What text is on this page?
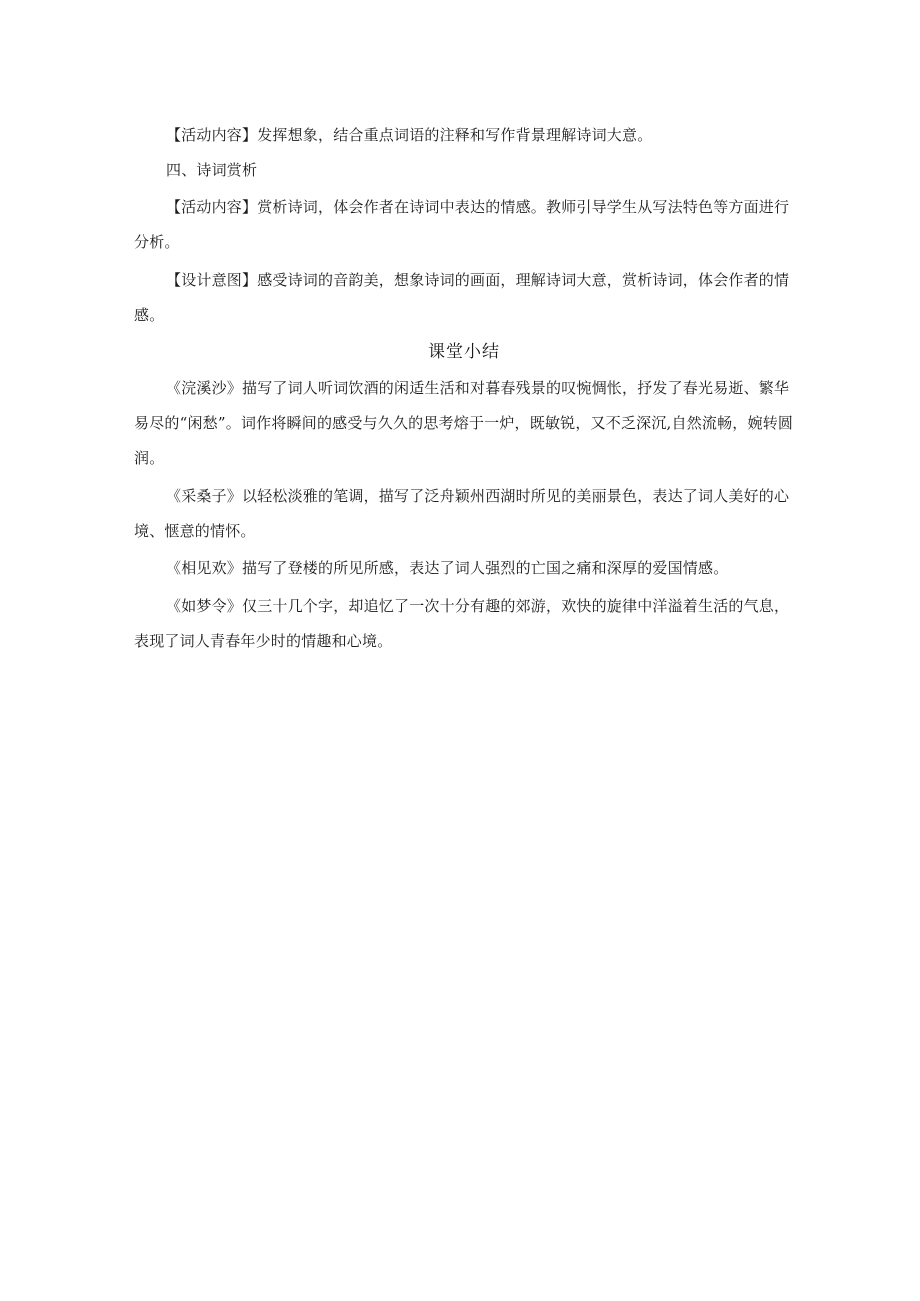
【活动内容】发挥想象，结合重点词语的注释和写作背景理解诗词大意。

四、诗词赏析

【活动内容】赏析诗词，体会作者在诗词中表达的情感。教师引导学生从写法特色等方面进行分析。

【设计意图】感受诗词的音韵美，想象诗词的画面，理解诗词大意，赏析诗词，体会作者的情感。

课堂小结

《浣溪沙》描写了词人听词饮酒的闲适生活和对暮春残景的叹惋惆怅，抒发了春光易逝、繁华易尽的“闲愁”。词作将瞬间的感受与久久的思考熔于一炉，既敏锐，又不乏深沉,自然流畅，婉转圆润。

《采桑子》以轻松淡雅的笔调，描写了泛舟颖州西湖时所见的美丽景色，表达了词人美好的心境、惬意的情怀。

《相见欢》描写了登楼的所见所感，表达了词人强烈的亡国之痛和深厚的爱国情感。

《如梦令》仅三十几个字，却追忆了一次十分有趣的郊游，欢快的旋律中洋溢着生活的气息，表现了词人青春年少时的情趣和心境。
